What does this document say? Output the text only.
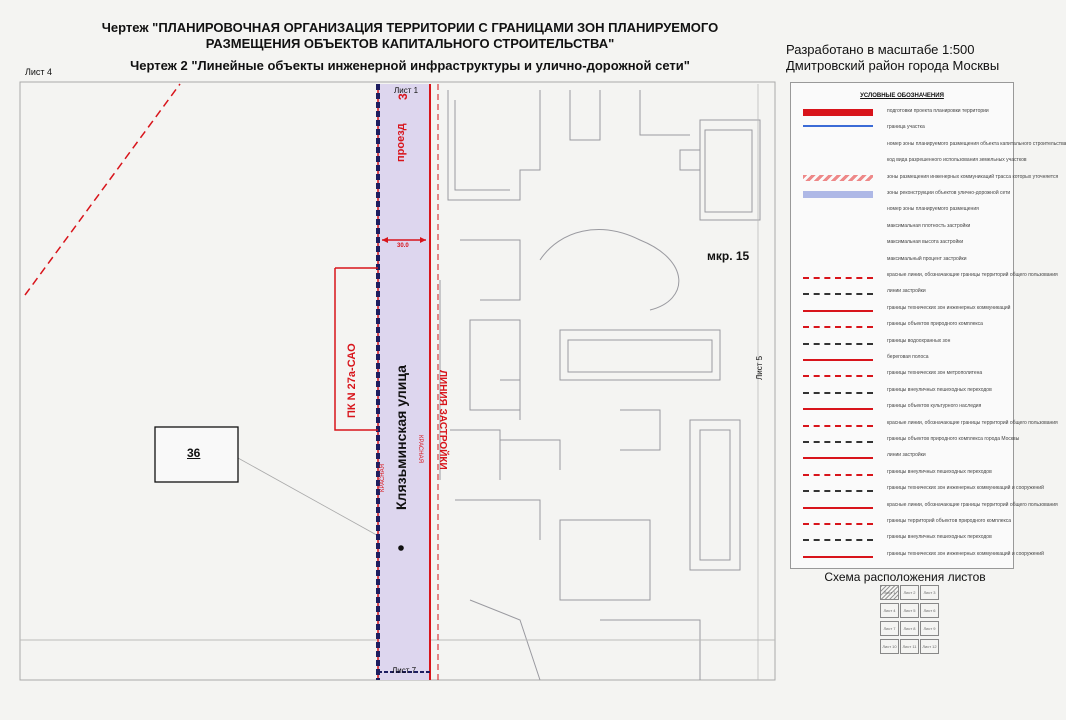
Чертеж "ПЛАНИРОВОЧНАЯ ОРГАНИЗАЦИЯ ТЕРРИТОРИИ С ГРАНИЦАМИ ЗОН ПЛАНИРУЕМОГО
РАЗМЕЩЕНИЯ ОБЪЕКТОВ КАПИТАЛЬНОГО СТРОИТЕЛЬСТВА"
Чертеж 2 "Линейные объекты инженерной инфраструктуры и улично-дорожной сети"
Разработано в масштабе 1:500
Дмитровский район города Москвы
Лист 4
36
мкр. 15
Лист 1
Лист 7
Лист 5
30.0
Клязьминская улица
проезд
3
ЛИНИЯ ЗАСТРОЙКИ
КРАСНАЯ
КРАСНАЯ
ПК N 27а-САО
УСЛОВНЫЕ ОБОЗНАЧЕНИЯ
подготовки проекта планировки территории
граница участка
номер зоны планируемого размещения объекта капитального строительства
код вида разрешенного использования земельных участков
зоны размещения инженерных коммуникаций трасса которых уточняется
зоны реконструкции объектов улично-дорожной сети
номер зоны планируемого размещения
максимальная плотность застройки
максимальная высота застройки
максимальный процент застройки
красные линии, обозначающие границы территорий общего пользования
линии застройки
границы технических зон инженерных коммуникаций
границы объектов природного комплекса
границы водоохранных зон
береговая полоса
границы технических зон метрополитена
границы внеуличных пешеходных переходов
границы объектов культурного наследия
красные линии, обозначающие границы территорий общего пользования
границы объектов природного комплекса города Москвы
линии застройки
границы внеуличных пешеходных переходов
границы технических зон инженерных коммуникаций и сооружений
красные линии, обозначающие границы территорий общего пользования
границы территорий объектов природного комплекса
границы внеуличных пешеходных переходов
границы технических зон инженерных коммуникаций и сооружений
Схема расположения листов
Лист 1	Лист 2	Лист 3
Лист 4	Лист 5	Лист 6
Лист 7	Лист 8	Лист 9
Лист 10	Лист 11	Лист 12
